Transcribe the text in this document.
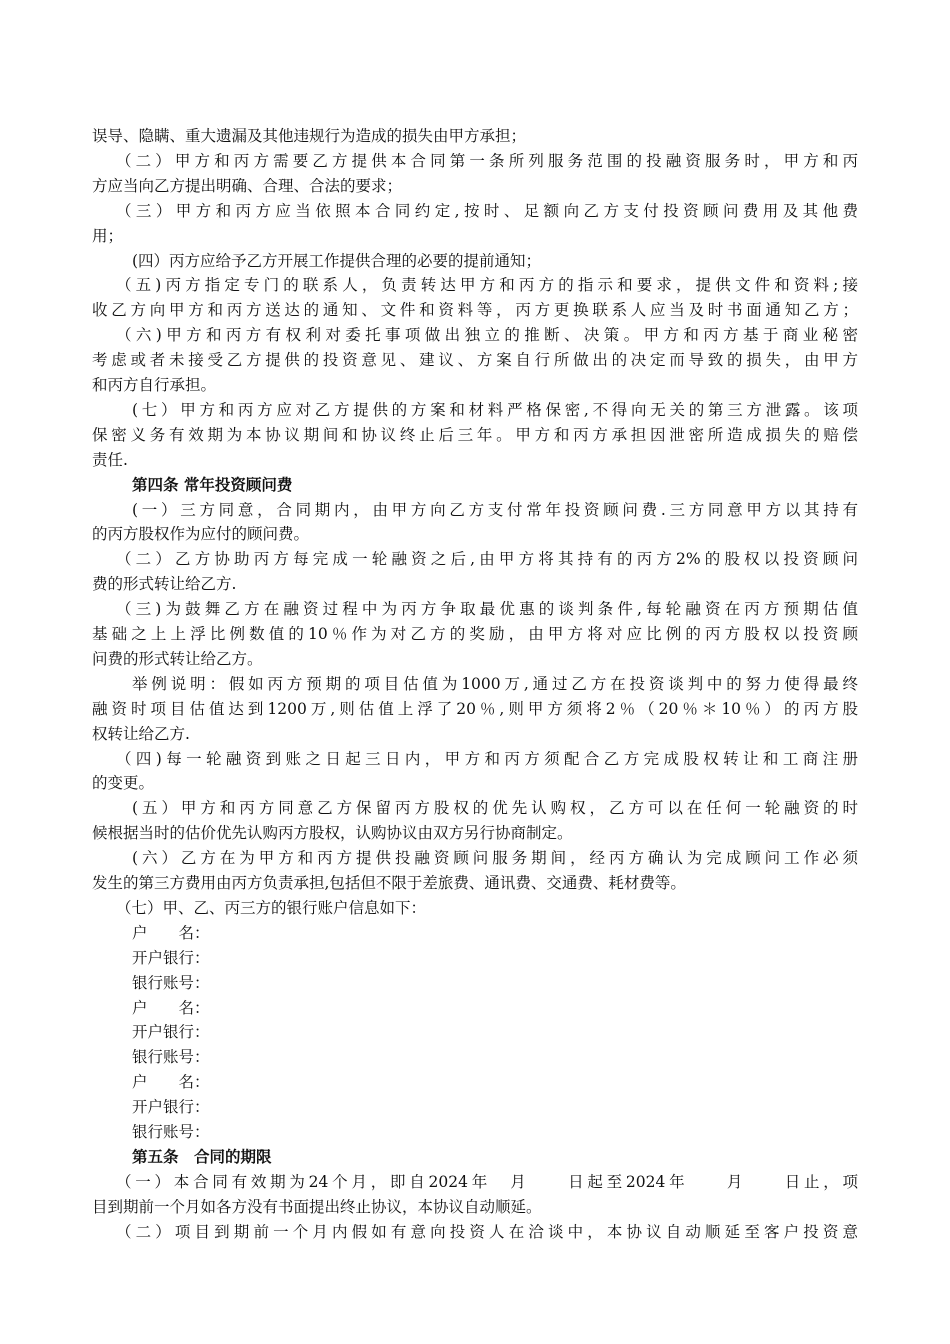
误导、隐瞒、重大遗漏及其他违规行为造成的损失由甲方承担；
（二）甲方和丙方需要乙方提供本合同第一条所列服务范围的投融资服务时，甲方和丙
方应当向乙方提出明确、合理、合法的要求；
（三）甲方和丙方应当依照本合同约定,按时、足额向乙方支付投资顾问费用及其他费
用；
(四）丙方应给予乙方开展工作提供合理的必要的提前通知；
（五)丙方指定专门的联系人，负责转达甲方和丙方的指示和要求，提供文件和资料;接
收乙方向甲方和丙方送达的通知、文件和资料等，丙方更换联系人应当及时书面通知乙方；
（六)甲方和丙方有权利对委托事项做出独立的推断、决策。甲方和丙方基于商业秘密
考虑或者未接受乙方提供的投资意见、建议、方案自行所做出的决定而导致的损失，由甲方
和丙方自行承担。
(七）甲方和丙方应对乙方提供的方案和材料严格保密,不得向无关的第三方泄露。该项
保密义务有效期为本协议期间和协议终止后三年。甲方和丙方承担因泄密所造成损失的赔偿
责任.
第四条 常年投资顾问费
(一）三方同意，合同期内，由甲方向乙方支付常年投资顾问费.三方同意甲方以其持有
的丙方股权作为应付的顾问费。
（二）乙方协助丙方每完成一轮融资之后,由甲方将其持有的丙方2%的股权以投资顾问
费的形式转让给乙方.
（三)为鼓舞乙方在融资过程中为丙方争取最优惠的谈判条件,每轮融资在丙方预期估值
基础之上上浮比例数值的10％作为对乙方的奖励，由甲方将对应比例的丙方股权以投资顾
问费的形式转让给乙方。
举例说明：假如丙方预期的项目估值为1000万,通过乙方在投资谈判中的努力使得最终
融资时项目估值达到1200万,则估值上浮了20％,则甲方须将2％（20％＊10％）的丙方股
权转让给乙方.
（四)每一轮融资到账之日起三日内，甲方和丙方须配合乙方完成股权转让和工商注册
的变更。
(五）甲方和丙方同意乙方保留丙方股权的优先认购权，乙方可以在任何一轮融资的时
候根据当时的估价优先认购丙方股权，认购协议由双方另行协商制定。
(六）乙方在为甲方和丙方提供投融资顾问服务期间，经丙方确认为完成顾问工作必须
发生的第三方费用由丙方负责承担,包括但不限于差旅费、通讯费、交通费、耗材费等。
（七）甲、乙、丙三方的银行账户信息如下：
户　　名：
开户银行：
银行账号：
户　　名：
开户银行：
银行账号：
户　　名：
开户银行：
银行账号：
第五条　合同的期限
（一）本合同有效期为24个月，即自2024年　月　　日起至2024年　　月　　日止，项
目到期前一个月如各方没有书面提出终止协议，本协议自动顺延。
（二）项目到期前一个月内假如有意向投资人在洽谈中，本协议自动顺延至客户投资意
